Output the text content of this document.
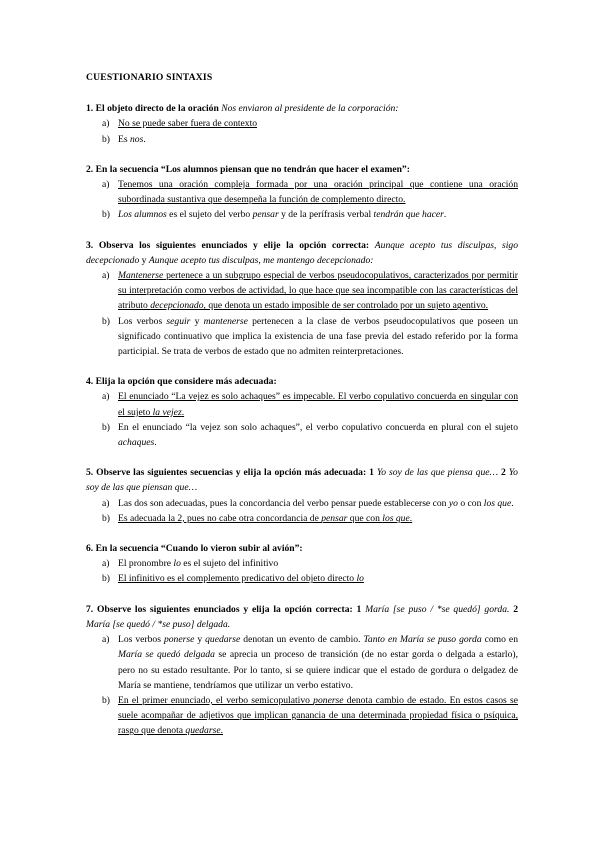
CUESTIONARIO SINTAXIS
1. El objeto directo de la oración Nos enviaron al presidente de la corporación:
a) No se puede saber fuera de contexto
b) Es nos.
2. En la secuencia “Los alumnos piensan que no tendrán que hacer el examen”:
a) Tenemos una oración compleja formada por una oración principal que contiene una oración subordinada sustantiva que desempeña la función de complemento directo.
b) Los alumnos es el sujeto del verbo pensar y de la perífrasis verbal tendrán que hacer.
3. Observa los siguientes enunciados y elije la opción correcta: Aunque acepto tus disculpas, sigo decepcionado y Aunque acepto tus disculpas, me mantengo decepcionado:
a) Mantenerse pertenece a un subgrupo especial de verbos pseudocopulativos, caracterizados por permitir su interpretación como verbos de actividad, lo que hace que sea incompatible con las características del atributo decepcionado, que denota un estado imposible de ser controlado por un sujeto agentivo.
b) Los verbos seguir y mantenerse pertenecen a la clase de verbos pseudocopulativos que poseen un significado continuativo que implica la existencia de una fase previa del estado referido por la forma participial. Se trata de verbos de estado que no admiten reinterpretaciones.
4. Elija la opción que considere más adecuada:
a) El enunciado “La vejez es solo achaques” es impecable. El verbo copulativo concuerda en singular con el sujeto la vejez.
b) En el enunciado “la vejez son solo achaques”, el verbo copulativo concuerda en plural con el sujeto achaques.
5. Observe las siguientes secuencias y elija la opción más adecuada: 1 Yo soy de las que piensa que… 2 Yo soy de las que piensan que…
a) Las dos son adecuadas, pues la concordancia del verbo pensar puede establecerse con yo o con los que.
b) Es adecuada la 2, pues no cabe otra concordancia de pensar que con los que.
6. En la secuencia “Cuando lo vieron subir al avión”:
a) El pronombre lo es el sujeto del infinitivo
b) El infinitivo es el complemento predicativo del objeto directo lo
7. Observe los siguientes enunciados y elija la opción correcta: 1 María [se puso / *se quedó] gorda. 2 María [se quedó / *se puso] delgada.
a) Los verbos ponerse y quedarse denotan un evento de cambio. Tanto en María se puso gorda como en María se quedó delgada se aprecia un proceso de transición (de no estar gorda o delgada a estarlo), pero no su estado resultante. Por lo tanto, si se quiere indicar que el estado de gordura o delgadez de María se mantiene, tendríamos que utilizar un verbo estativo.
b) En el primer enunciado, el verbo semicopulativo ponerse denota cambio de estado. En estos casos se suele acompañar de adjetivos que implican ganancia de una determinada propiedad física o psíquica, rasgo que denota quedarse.
